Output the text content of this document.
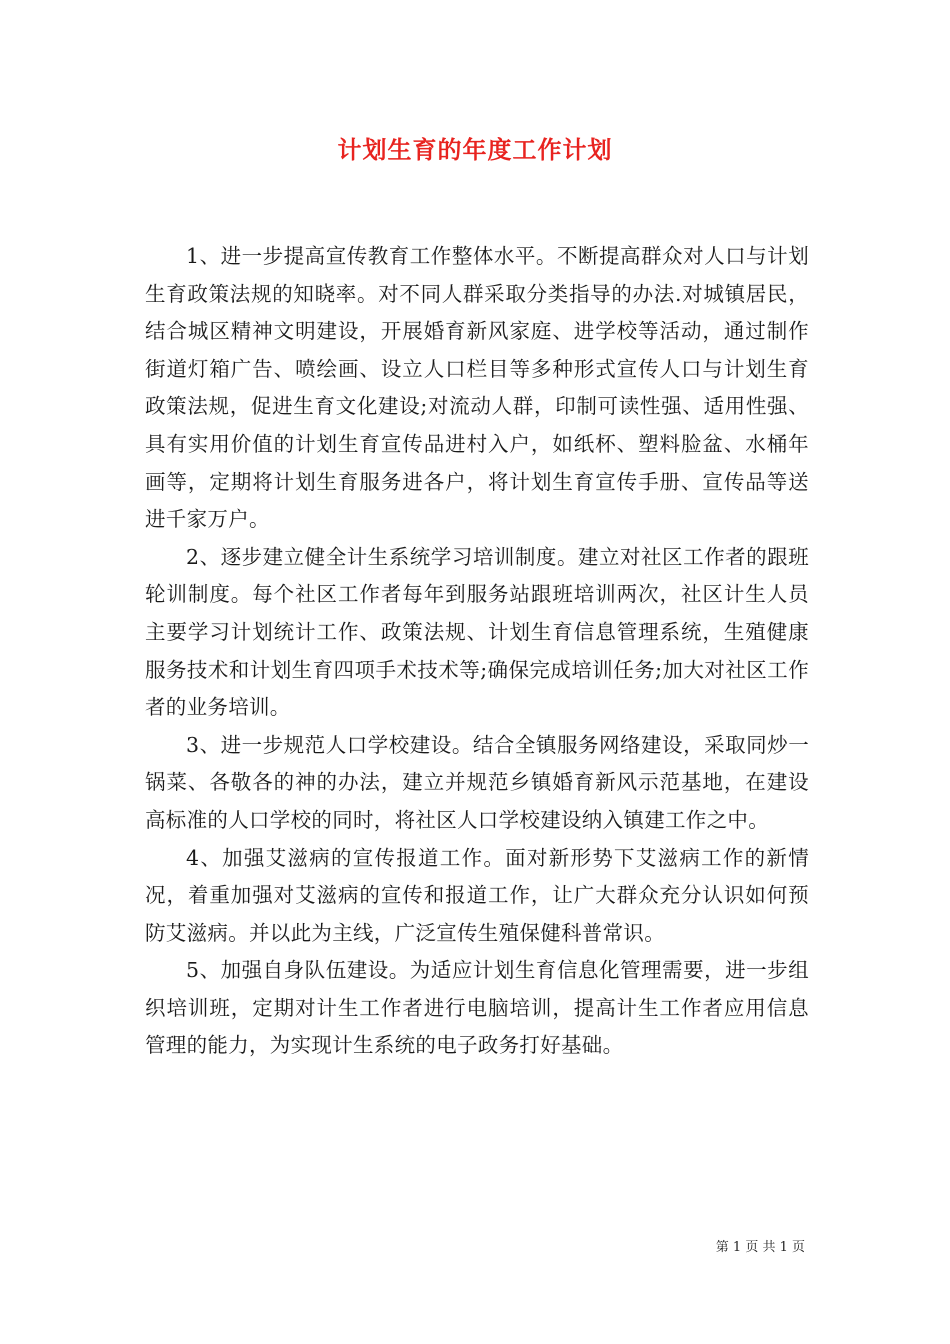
计划生育的年度工作计划

1、进一步提高宣传教育工作整体水平。不断提高群众对人口与计划生育政策法规的知晓率。对不同人群采取分类指导的办法.对城镇居民，结合城区精神文明建设，开展婚育新风家庭、进学校等活动，通过制作街道灯箱广告、喷绘画、设立人口栏目等多种形式宣传人口与计划生育政策法规，促进生育文化建设;对流动人群，印制可读性强、适用性强、具有实用价值的计划生育宣传品进村入户，如纸杯、塑料脸盆、水桶年画等，定期将计划生育服务进各户，将计划生育宣传手册、宣传品等送进千家万户。

2、逐步建立健全计生系统学习培训制度。建立对社区工作者的跟班轮训制度。每个社区工作者每年到服务站跟班培训两次，社区计生人员主要学习计划统计工作、政策法规、计划生育信息管理系统，生殖健康服务技术和计划生育四项手术技术等;确保完成培训任务;加大对社区工作者的业务培训。

3、进一步规范人口学校建设。结合全镇服务网络建设，采取同炒一锅菜、各敬各的神的办法，建立并规范乡镇婚育新风示范基地，在建设高标准的人口学校的同时，将社区人口学校建设纳入镇建工作之中。

4、加强艾滋病的宣传报道工作。面对新形势下艾滋病工作的新情况，着重加强对艾滋病的宣传和报道工作，让广大群众充分认识如何预防艾滋病。并以此为主线，广泛宣传生殖保健科普常识。

5、加强自身队伍建设。为适应计划生育信息化管理需要，进一步组织培训班，定期对计生工作者进行电脑培训，提高计生工作者应用信息管理的能力，为实现计生系统的电子政务打好基础。

第 1 页 共 1 页
